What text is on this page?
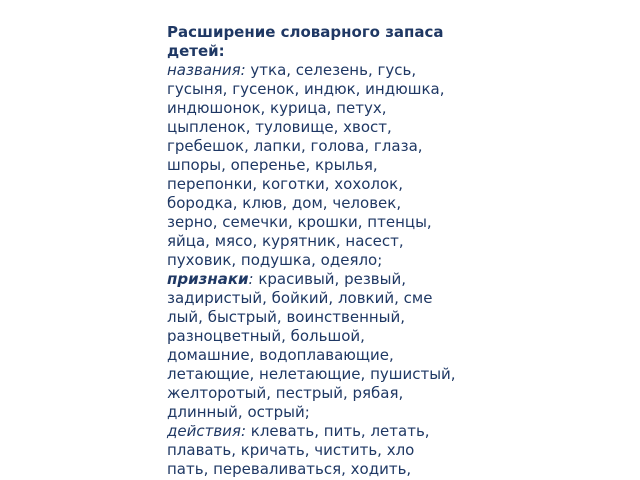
Расширение словарного запаса
детей:
названия: утка, селезень, гусь,
гусыня, гусенок, индюк, индюшка,
индюшонок, курица, петух,
цыпленок, туловище, хвост,
гребешок, лапки, голова, глаза,
шпоры, оперенье, крылья,
перепонки, коготки, хохолок,
бородка, клюв, дом, человек,
зерно, семечки, крошки, птенцы,
яйца, мясо, курятник, насест,
пуховик, подушка, одеяло;
признаки: красивый, резвый,
задиристый, бойкий, ловкий, сме
лый, быстрый, воинственный,
разноцветный, большой,
домашние, водоплавающие,
летающие, нелетающие, пушистый,
желторотый, пестрый, рябая,
длинный, острый;
действия: клевать, пить, летать,
плавать, кричать, чистить, хло
пать, переваливаться, ходить,
